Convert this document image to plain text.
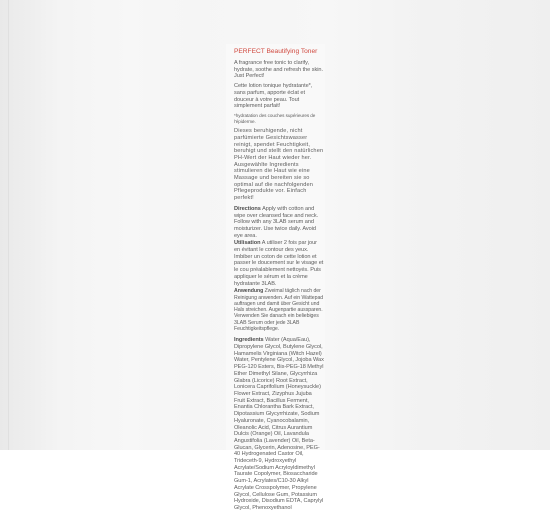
PERFECT Beautifying Toner
A fragrance free tonic to clarify, hydrate, soothe and refresh the skin. Just Perfect!
Cette lotion tonique hydratante*, sans parfum, apporte éclat et douceur à votre peau. Tout simplement parfait!
*hydratation des couches supérieures de l'épiderme.
Dieses beruhigende, nicht parfümierte Gesichtswasser reinigt, spendet Feuchtigkeit, beruhigt und stellt den natürlichen PH-Wert der Haut wieder her. Ausgewählte Ingredients stimulieren die Haut wie eine Massage und bereiten sie so optimal auf die nachfolgenden Pflegeprodukte vor. Einfach perfekt!
Directions Apply with cotton and wipe over cleansed face and neck. Follow with any 3LAB serum and moisturizer. Use twice daily. Avoid eye area.
Utilisation A utiliser 2 fois par jour en évitant le contour des yeux. Imbiber un coton de cette lotion et passer le doucement sur le visage et le cou préalablement nettoyés. Puis appliquer le sérum et la crème hydratante 3LAB.
Anwendung Zweimal täglich nach der Reinigung anwenden. Auf ein Wattepad auftragen und damit über Gesicht und Hals streichen. Augenpartie aussparen. Verwenden Sie danach ein beliebiges 3LAB Serum oder jede 3LAB Feuchtigkeitspflege.
Ingredients Water (Aqua/Eau), Dipropylene Glycol, Butylene Glycol, Hamamelis Virginiana (Witch Hazel) Water, Pentylene Glycol, Jojoba Wax PEG-120 Esters, Bis-PEG-18 Methyl Ether Dimethyl Silane, Glycyrrhiza Glabra (Licorice) Root Extract, Lonicera Caprifolium (Honeysuckle) Flower Extract, Zizyphus Jujuba Fruit Extract, Bacillus Ferment, Enantia Chlorantha Bark Extract, Dipotassium Glycyrrhizate, Sodium Hyaluronate, Cyanocobalamin, Oleanolic Acid, Citrus Aurantium Dulcis (Orange) Oil, Lavandula Angustifolia (Lavender) Oil, Beta-Glucan, Glycerin, Adenosine, PEG-40 Hydrogenated Castor Oil, Trideceth-9, Hydroxyethyl Acrylate/Sodium Acryloyldimethyl Taurate Copolymer, Biosaccharide Gum-1, Acrylates/C10-30 Alkyl Acrylate Crosspolymer, Propylene Glycol, Cellulose Gum, Potassium Hydroxide, Disodium EDTA, Caprylyl Glycol, Phenoxyethanol
